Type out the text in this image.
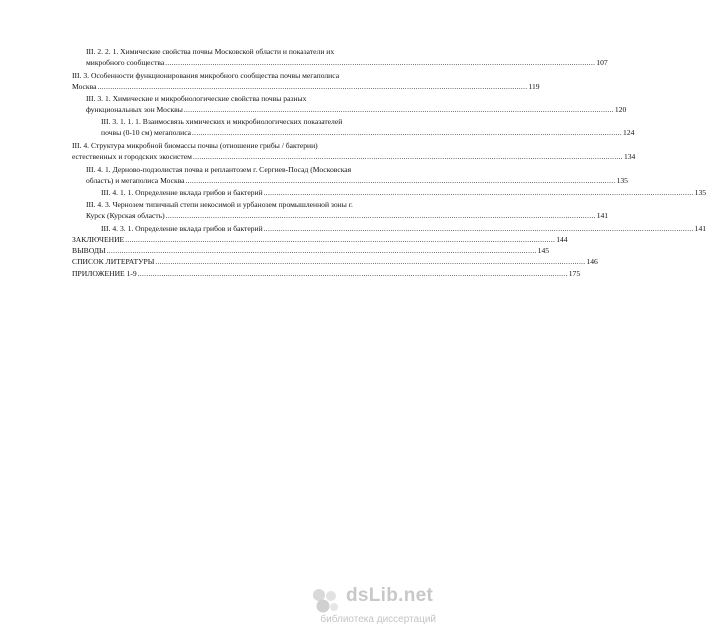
III. 2. 2. 1. Химические свойства почвы Московской области и показатели их
микробного сообщества ........................................................................................................................................................................................................ 107
III. 3. Особенности функционирования микробного сообщества почвы мегаполиса
Москва ........................................................................................................................................................................................................ 119
III. 3. 1. Химические и микробиологические свойства почвы разных
функциональных зон Москвы ........................................................................................................................................................................................................ 120
III. 3. 1. 1. 1. Взаимосвязь химических и микробиологических показателей
почвы (0-10 см) мегаполиса ........................................................................................................................................................................................................ 124
III. 4. Структура микробной биомассы почвы (отношение грибы / бактерии)
естественных и городских экосистем ........................................................................................................................................................................................................ 134
III. 4. 1. Дерново-подзолистая почва и реплантозем г. Сергиев-Посад (Московская
область) и мегаполиса Москва ........................................................................................................................................................................................................ 135
III. 4. 1. 1. Определение вклада грибов и бактерий ........................................................................................................................................................................................................ 135
III. 4. 3. Чернозем типичный степи некосимой и урбанозем промышленной зоны г.
Курск (Курская область) ........................................................................................................................................................................................................ 141
III. 4. 3. 1. Определение вклада грибов и бактерий ........................................................................................................................................................................................................ 141
ЗАКЛЮЧЕНИЕ ........................................................................................................................................................................................................ 144
ВЫВОДЫ ........................................................................................................................................................................................................ 145
СПИСОК ЛИТЕРАТУРЫ ........................................................................................................................................................................................................ 146
ПРИЛОЖЕНИЕ 1-9 ........................................................................................................................................................................................................ 175
dsLib.net
библиотека диссертаций
